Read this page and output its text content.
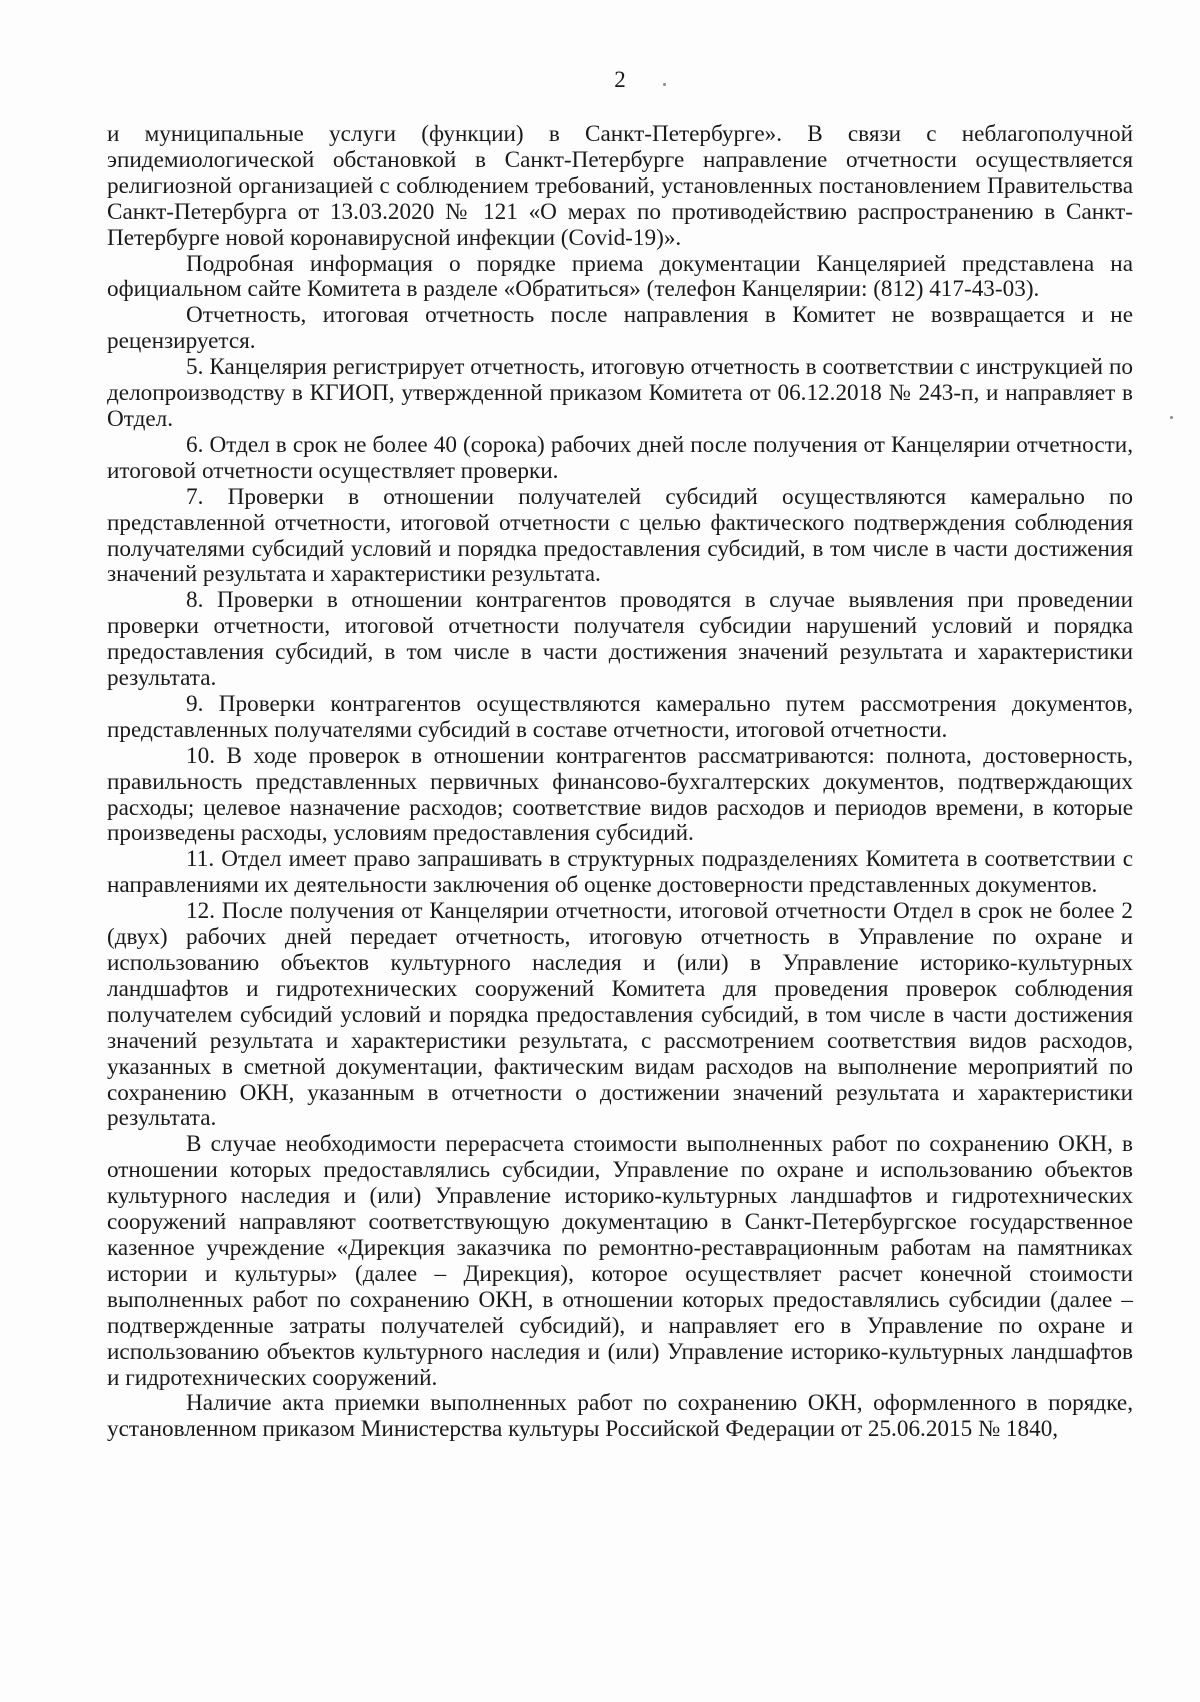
2

и муниципальные услуги (функции) в Санкт-Петербурге». В связи с неблагополучной эпидемиологической обстановкой в Санкт-Петербурге направление отчетности осуществляется религиозной организацией с соблюдением требований, установленных постановлением Правительства Санкт-Петербурга от 13.03.2020 № 121 «О мерах по противодействию распространению в Санкт-Петербурге новой коронавирусной инфекции (Covid-19)».

Подробная информация о порядке приема документации Канцелярией представлена на официальном сайте Комитета в разделе «Обратиться» (телефон Канцелярии: (812) 417-43-03).

Отчетность, итоговая отчетность после направления в Комитет не возвращается и не рецензируется.

5. Канцелярия регистрирует отчетность, итоговую отчетность в соответствии с инструкцией по делопроизводству в КГИОП, утвержденной приказом Комитета от 06.12.2018 № 243-п, и направляет в Отдел.

6. Отдел в срок не более 40 (сорока) рабочих дней после получения от Канцелярии отчетности, итоговой отчетности осуществляет проверки.

7. Проверки в отношении получателей субсидий осуществляются камерально по представленной отчетности, итоговой отчетности с целью фактического подтверждения соблюдения получателями субсидий условий и порядка предоставления субсидий, в том числе в части достижения значений результата и характеристики результата.

8. Проверки в отношении контрагентов проводятся в случае выявления при проведении проверки отчетности, итоговой отчетности получателя субсидии нарушений условий и порядка предоставления субсидий, в том числе в части достижения значений результата и характеристики результата.

9. Проверки контрагентов осуществляются камерально путем рассмотрения документов, представленных получателями субсидий в составе отчетности, итоговой отчетности.

10. В ходе проверок в отношении контрагентов рассматриваются: полнота, достоверность, правильность представленных первичных финансово-бухгалтерских документов, подтверждающих расходы; целевое назначение расходов; соответствие видов расходов и периодов времени, в которые произведены расходы, условиям предоставления субсидий.

11. Отдел имеет право запрашивать в структурных подразделениях Комитета в соответствии с направлениями их деятельности заключения об оценке достоверности представленных документов.

12. После получения от Канцелярии отчетности, итоговой отчетности Отдел в срок не более 2 (двух) рабочих дней передает отчетность, итоговую отчетность в Управление по охране и использованию объектов культурного наследия и (или) в Управление историко-культурных ландшафтов и гидротехнических сооружений Комитета для проведения проверок соблюдения получателем субсидий условий и порядка предоставления субсидий, в том числе в части достижения значений результата и характеристики результата, с рассмотрением соответствия видов расходов, указанных в сметной документации, фактическим видам расходов на выполнение мероприятий по сохранению ОКН, указанным в отчетности о достижении значений результата и характеристики результата.

В случае необходимости перерасчета стоимости выполненных работ по сохранению ОКН, в отношении которых предоставлялись субсидии, Управление по охране и использованию объектов культурного наследия и (или) Управление историко-культурных ландшафтов и гидротехнических сооружений направляют соответствующую документацию в Санкт-Петербургское государственное казенное учреждение «Дирекция заказчика по ремонтно-реставрационным работам на памятниках истории и культуры» (далее – Дирекция), которое осуществляет расчет конечной стоимости выполненных работ по сохранению ОКН, в отношении которых предоставлялись субсидии (далее – подтвержденные затраты получателей субсидий), и направляет его в Управление по охране и использованию объектов культурного наследия и (или) Управление историко-культурных ландшафтов и гидротехнических сооружений.

Наличие акта приемки выполненных работ по сохранению ОКН, оформленного в порядке, установленном приказом Министерства культуры Российской Федерации от 25.06.2015 № 1840,
